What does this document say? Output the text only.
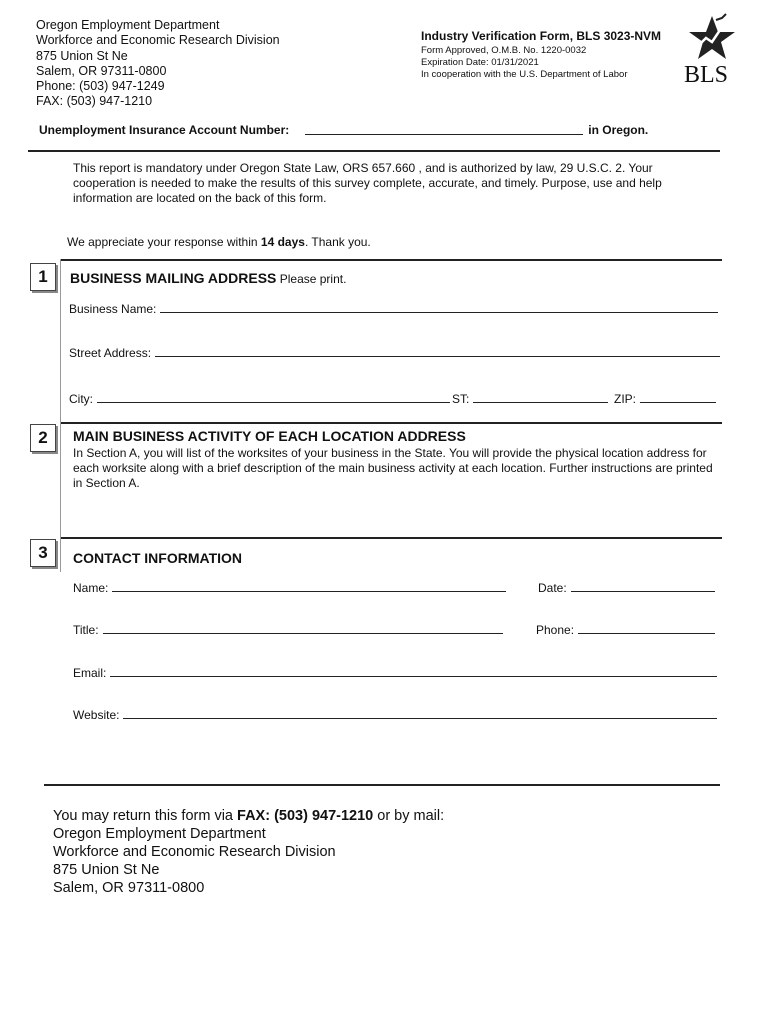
Oregon Employment Department
Workforce and Economic Research Division
875 Union St Ne
Salem, OR 97311-0800
Phone: (503) 947-1249
FAX: (503) 947-1210
Industry Verification Form, BLS 3023-NVM
Form Approved, O.M.B. No. 1220-0032
Expiration Date: 01/31/2021
In cooperation with the U.S. Department of Labor	BLS
Unemployment Insurance Account Number:	in Oregon.
This report is mandatory under Oregon State Law, ORS 657.660 , and is authorized by law, 29 U.S.C. 2. Your cooperation is needed to make the results of this survey complete, accurate, and timely. Purpose, use and help information are located on the back of this form.
We appreciate your response within 14 days. Thank you.
1	BUSINESS MAILING ADDRESS Please print.
Business Name:
Street Address:
City:	ST:	ZIP:
2	MAIN BUSINESS ACTIVITY OF EACH LOCATION ADDRESS
In Section A, you will list of the worksites of your business in the State. You will provide the physical location address for each worksite along with a brief description of the main business activity at each location. Further instructions are printed in Section A.
3	CONTACT INFORMATION
Name:	Date:
Title:	Phone:
Email:
Website:
You may return this form via FAX: (503) 947-1210 or by mail:
Oregon Employment Department
Workforce and Economic Research Division
875 Union St Ne
Salem, OR 97311-0800
